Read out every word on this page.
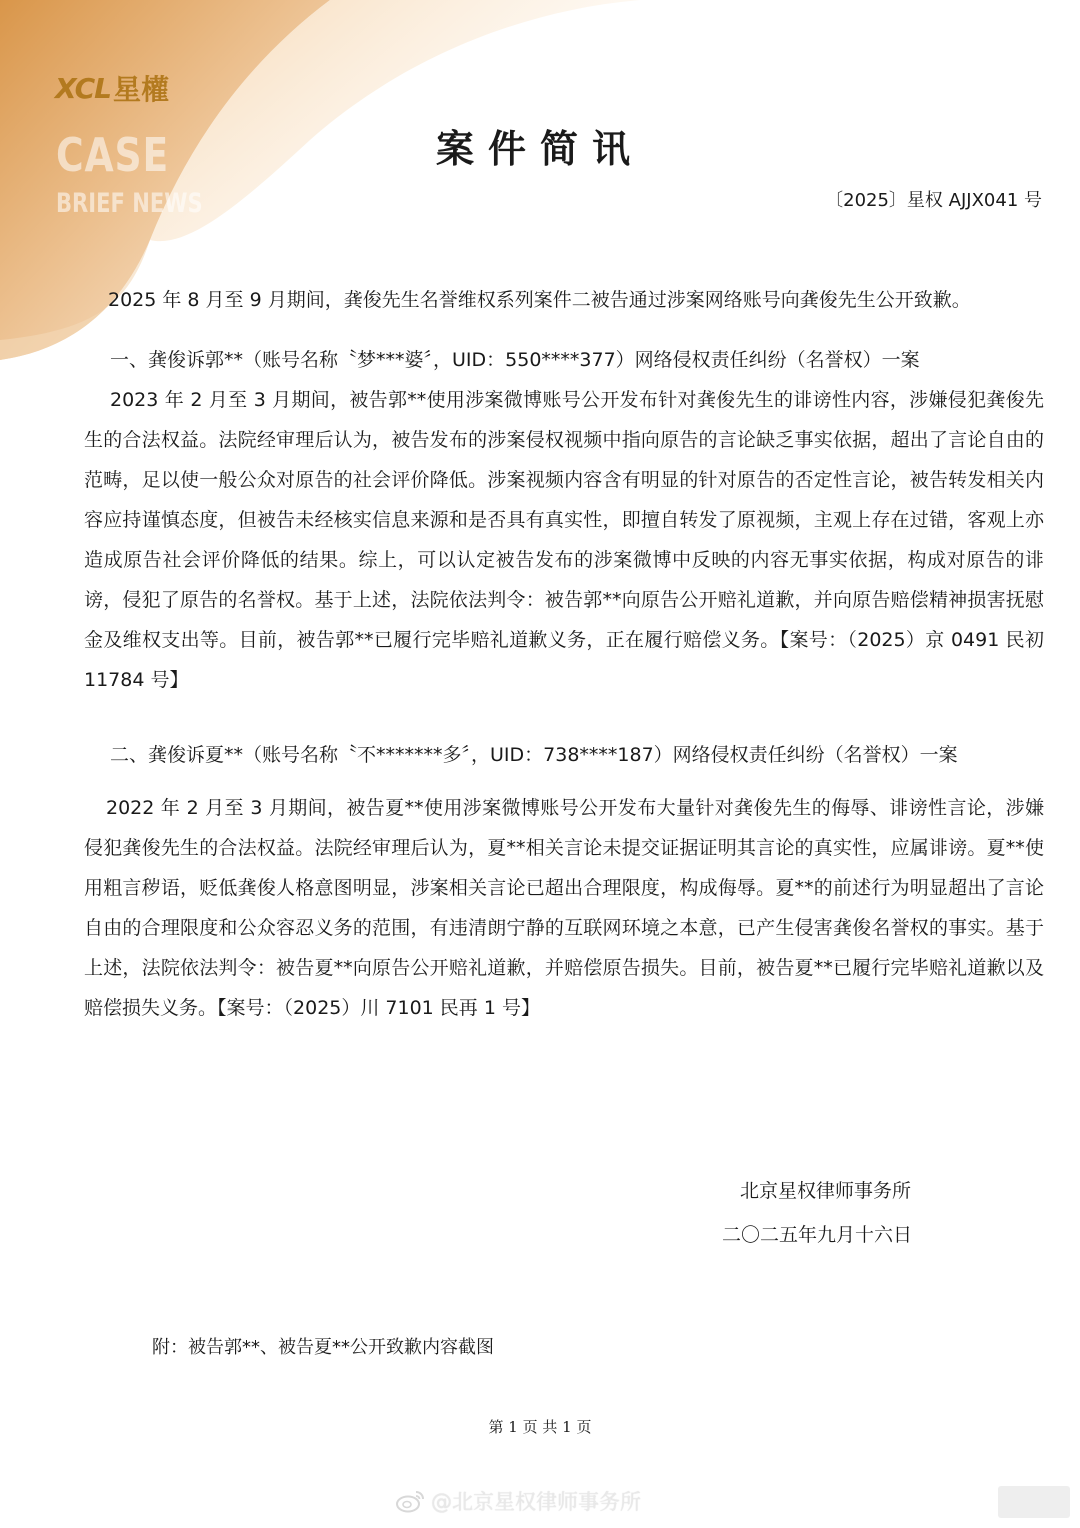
XCL 星權
CASE
BRIEF NEWS
案件简讯
〔2025〕星权 AJJX041 号
2025 年 8 月至 9 月期间，龚俊先生名誉维权系列案件二被告通过涉案网络账号向龚俊先生公开致歉。
一、龚俊诉郭**（账号名称〝梦***婆〞，UID：550****377）网络侵权责任纠纷（名誉权）一案
2023 年 2 月至 3 月期间，被告郭**使用涉案微博账号公开发布针对龚俊先生的诽谤性内容，涉嫌侵犯龚俊先生的合法权益。法院经审理后认为，被告发布的涉案侵权视频中指向原告的言论缺乏事实依据，超出了言论自由的范畴，足以使一般公众对原告的社会评价降低。涉案视频内容含有明显的针对原告的否定性言论，被告转发相关内容应持谨慎态度，但被告未经核实信息来源和是否具有真实性，即擅自转发了原视频，主观上存在过错，客观上亦造成原告社会评价降低的结果。综上，可以认定被告发布的涉案微博中反映的内容无事实依据，构成对原告的诽谤，侵犯了原告的名誉权。基于上述，法院依法判令：被告郭**向原告公开赔礼道歉，并向原告赔偿精神损害抚慰金及维权支出等。目前，被告郭**已履行完毕赔礼道歉义务，正在履行赔偿义务。【案号：（2025）京 0491 民初 11784 号】
二、龚俊诉夏**（账号名称〝不*******多〞，UID：738****187）网络侵权责任纠纷（名誉权）一案
2022 年 2 月至 3 月期间，被告夏**使用涉案微博账号公开发布大量针对龚俊先生的侮辱、诽谤性言论，涉嫌侵犯龚俊先生的合法权益。法院经审理后认为，夏**相关言论未提交证据证明其言论的真实性，应属诽谤。夏**使用粗言秽语，贬低龚俊人格意图明显，涉案相关言论已超出合理限度，构成侮辱。夏**的前述行为明显超出了言论自由的合理限度和公众容忍义务的范围，有违清朗宁静的互联网环境之本意，已产生侵害龚俊名誉权的事实。基于上述，法院依法判令：被告夏**向原告公开赔礼道歉，并赔偿原告损失。目前，被告夏**已履行完毕赔礼道歉以及赔偿损失义务。【案号：（2025）川 7101 民再 1 号】
北京星权律师事务所
二〇二五年九月十六日
附：被告郭**、被告夏**公开致歉内容截图
第 1 页 共 1 页
@北京星权律师事务所
